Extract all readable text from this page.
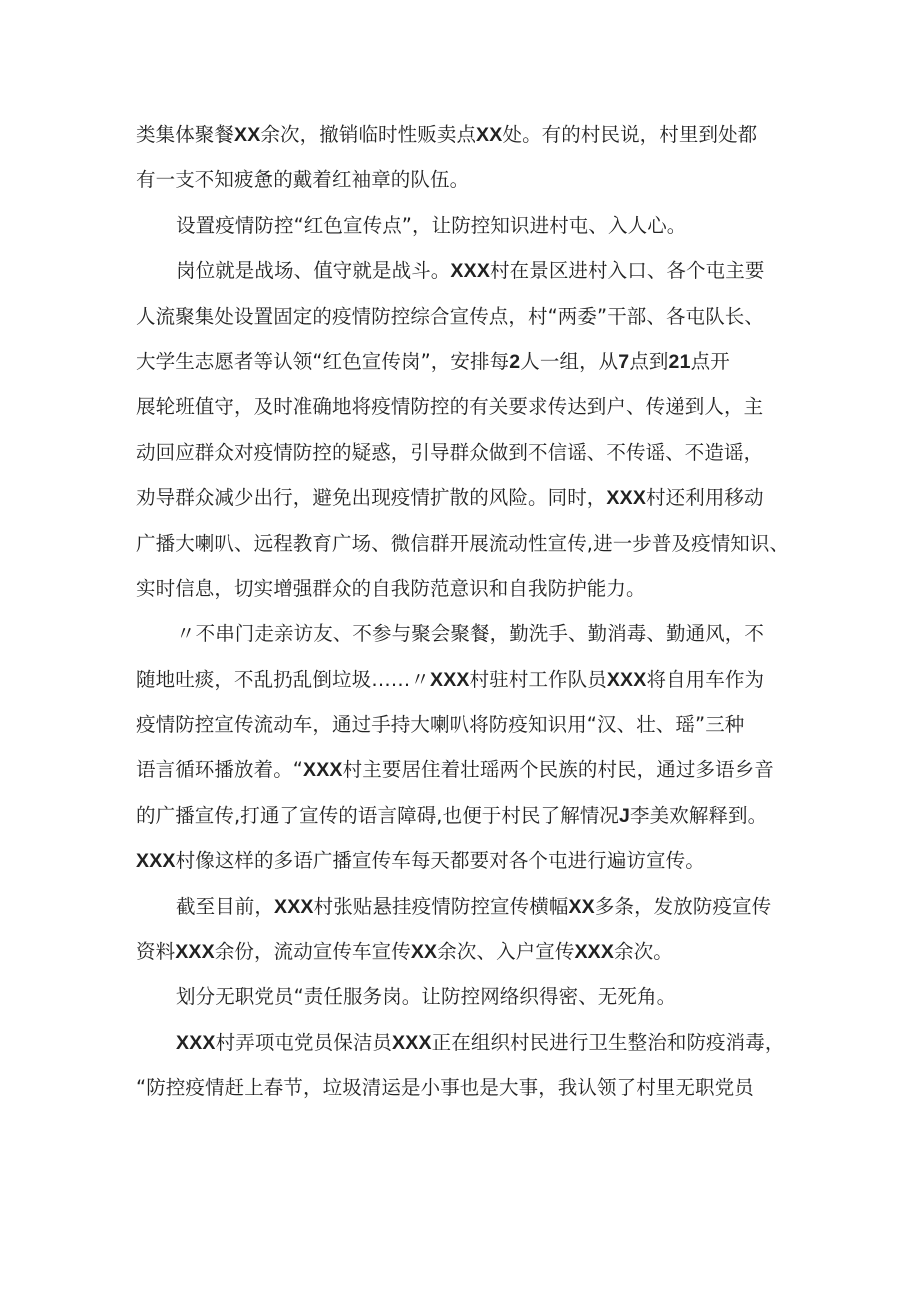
类集体聚餐XX余次，撤销临时性贩卖点XX处。有的村民说，村里到处都
有一支不知疲惫的戴着红袖章的队伍。
设置疫情防控“红色宣传点”，让防控知识进村屯、入人心。
岗位就是战场、值守就是战斗。XXX村在景区进村入口、各个屯主要
人流聚集处设置固定的疫情防控综合宣传点，村“两委”干部、各屯队长、
大学生志愿者等认领“红色宣传岗”，安排每2人一组，从7点到21点开
展轮班值守，及时准确地将疫情防控的有关要求传达到户、传递到人，主
动回应群众对疫情防控的疑惑，引导群众做到不信谣、不传谣、不造谣，
劝导群众减少出行，避免出现疫情扩散的风险。同时，XXX村还利用移动
广播大喇叭、远程教育广场、微信群开展流动性宣传,进一步普及疫情知识、
实时信息，切实增强群众的自我防范意识和自我防护能力。
〃不串门走亲访友、不参与聚会聚餐，勤洗手、勤消毒、勤通风，不
随地吐痰，不乱扔乱倒垃圾……〃XXX村驻村工作队员XXX将自用车作为
疫情防控宣传流动车，通过手持大喇叭将防疫知识用“汉、壮、瑶”三种
语言循环播放着。“XXX村主要居住着壮瑶两个民族的村民，通过多语乡音
的广播宣传,打通了宣传的语言障碍,也便于村民了解情况J李美欢解释到。
XXX村像这样的多语广播宣传车每天都要对各个屯进行遍访宣传。
截至目前，XXX村张贴悬挂疫情防控宣传横幅XX多条，发放防疫宣传
资料XXX余份，流动宣传车宣传XX余次、入户宣传XXX余次。
划分无职党员“责任服务岗。让防控网络织得密、无死角。
XXX村弄项屯党员保洁员XXX正在组织村民进行卫生整治和防疫消毒，
“防控疫情赶上春节，垃圾清运是小事也是大事，我认领了村里无职党员
